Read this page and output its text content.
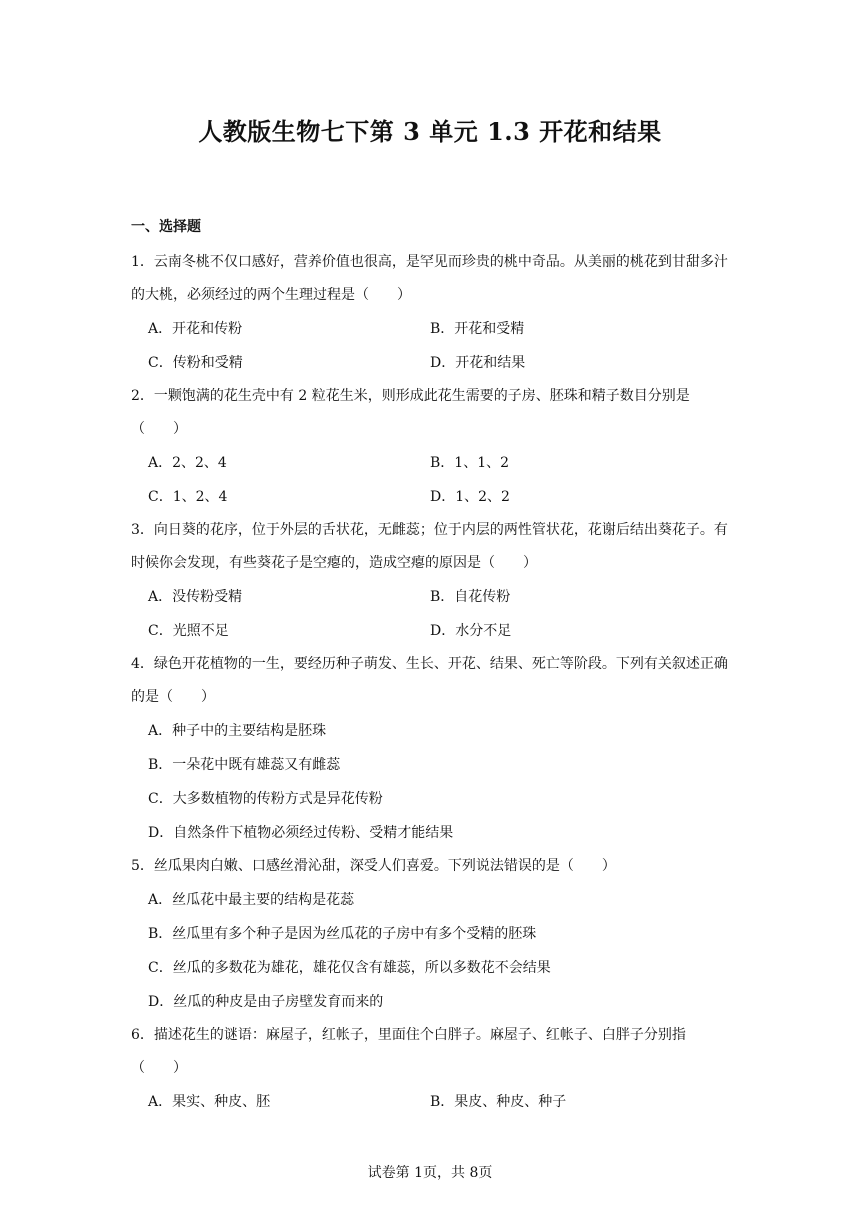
人教版生物七下第 3 单元 1.3 开花和结果
一、选择题

1．云南冬桃不仅口感好，营养价值也很高，是罕见而珍贵的桃中奇品。从美丽的桃花到甘甜多汁的大桃，必须经过的两个生理过程是（　　）

A．开花和传粉	B．开花和受精
C．传粉和受精	D．开花和结果

2．一颗饱满的花生壳中有 2 粒花生米，则形成此花生需要的子房、胚珠和精子数目分别是（　　）

A．2、2、4	B．1、1、2
C．1、2、4	D．1、2、2

3．向日葵的花序，位于外层的舌状花，无雌蕊；位于内层的两性管状花，花谢后结出葵花子。有时候你会发现，有些葵花子是空瘪的，造成空瘪的原因是（　　）

A．没传粉受精	B．自花传粉
C．光照不足	D．水分不足

4．绿色开花植物的一生，要经历种子萌发、生长、开花、结果、死亡等阶段。下列有关叙述正确的是（　　）

A．种子中的主要结构是胚珠
B．一朵花中既有雄蕊又有雌蕊
C．大多数植物的传粉方式是异花传粉
D．自然条件下植物必须经过传粉、受精才能结果

5．丝瓜果肉白嫩、口感丝滑沁甜，深受人们喜爱。下列说法错误的是（　　）

A．丝瓜花中最主要的结构是花蕊
B．丝瓜里有多个种子是因为丝瓜花的子房中有多个受精的胚珠
C．丝瓜的多数花为雄花，雄花仅含有雄蕊，所以多数花不会结果
D．丝瓜的种皮是由子房壁发育而来的

6．描述花生的谜语：麻屋子，红帐子，里面住个白胖子。麻屋子、红帐子、白胖子分别指（　　）

A．果实、种皮、胚	B．果皮、种皮、种子
试卷第 1页，共 8页
